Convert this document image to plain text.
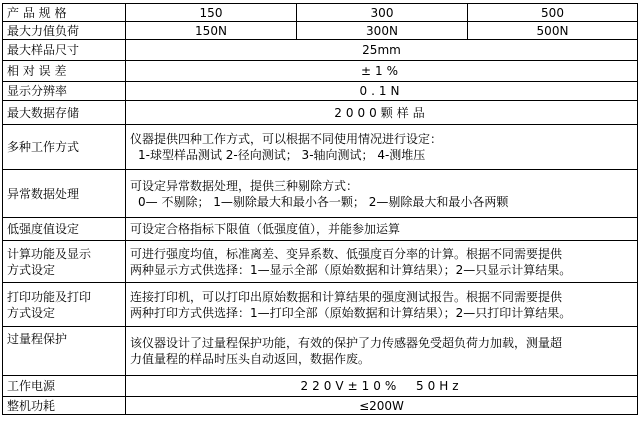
产 品 规 格	150	300	500
最大力值负荷	150N	300N	500N
最大样品尺寸	25mm		
相 对 误 差	±1%		
显示分辨率	0.1N		
最大数据存储	2000颗样品		
多种工作方式	仪器提供四种工作方式，可以根据不同使用情况进行设定：
1-球型样品测试 2-径向测试； 3-轴向测试； 4-测堆压		

异常数据处理	可设定异常数据处理，提供三种剔除方式：
0— 不剔除； 1—剔除最大和最小各一颗； 2—剔除最大和最小各两颗		

低强度值设定	可设定合格指标下限值（低强度值），并能参加运算		

计算功能及显示
方式设定	可进行强度均值，标准离差、变异系数、低强度百分率的计算。根据不同需要提供
两种显示方式供选择：1—显示全部（原始数据和计算结果）；2—只显示计算结果。		

打印功能及打印
方式设定	连接打印机，可以打印出原始数据和计算结果的强度测试报告。根据不同需要提供
两种打印方式供选择：1—打印全部（原始数据和计算结果）；2—只打印计算结果。		

过量程保护	该仪器设计了过量程保护功能，有效的保护了力传感器免受超负荷力加载，测量超
力值量程的样品时压头自动返回，数据作废。		

工作电源	220V±10%  50Hz		
整机功耗	≤200W		
